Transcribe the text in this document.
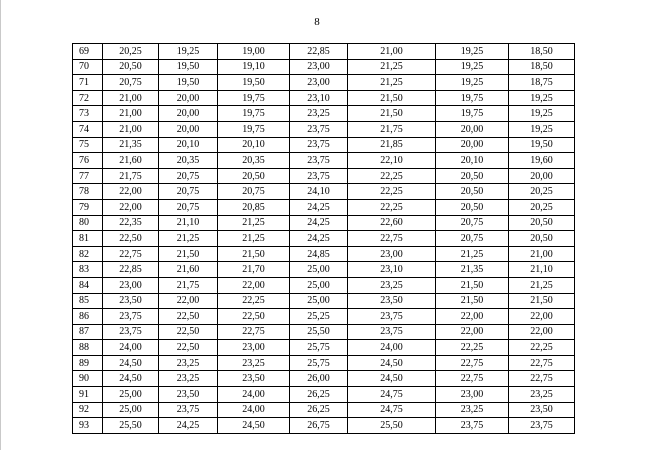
8
69	20,25	19,25	19,00	22,85	21,00	19,25	18,50
70	20,50	19,50	19,10	23,00	21,25	19,25	18,50
71	20,75	19,50	19,50	23,00	21,25	19,25	18,75
72	21,00	20,00	19,75	23,10	21,50	19,75	19,25
73	21,00	20,00	19,75	23,25	21,50	19,75	19,25
74	21,00	20,00	19,75	23,75	21,75	20,00	19,25
75	21,35	20,10	20,10	23,75	21,85	20,00	19,50
76	21,60	20,35	20,35	23,75	22,10	20,10	19,60
77	21,75	20,75	20,50	23,75	22,25	20,50	20,00
78	22,00	20,75	20,75	24,10	22,25	20,50	20,25
79	22,00	20,75	20,85	24,25	22,25	20,50	20,25
80	22,35	21,10	21,25	24,25	22,60	20,75	20,50
81	22,50	21,25	21,25	24,25	22,75	20,75	20,50
82	22,75	21,50	21,50	24,85	23,00	21,25	21,00
83	22,85	21,60	21,70	25,00	23,10	21,35	21,10
84	23,00	21,75	22,00	25,00	23,25	21,50	21,25
85	23,50	22,00	22,25	25,00	23,50	21,50	21,50
86	23,75	22,50	22,50	25,25	23,75	22,00	22,00
87	23,75	22,50	22,75	25,50	23,75	22,00	22,00
88	24,00	22,50	23,00	25,75	24,00	22,25	22,25
89	24,50	23,25	23,25	25,75	24,50	22,75	22,75
90	24,50	23,25	23,50	26,00	24,50	22,75	22,75
91	25,00	23,50	24,00	26,25	24,75	23,00	23,25
92	25,00	23,75	24,00	26,25	24,75	23,25	23,50
93	25,50	24,25	24,50	26,75	25,50	23,75	23,75
